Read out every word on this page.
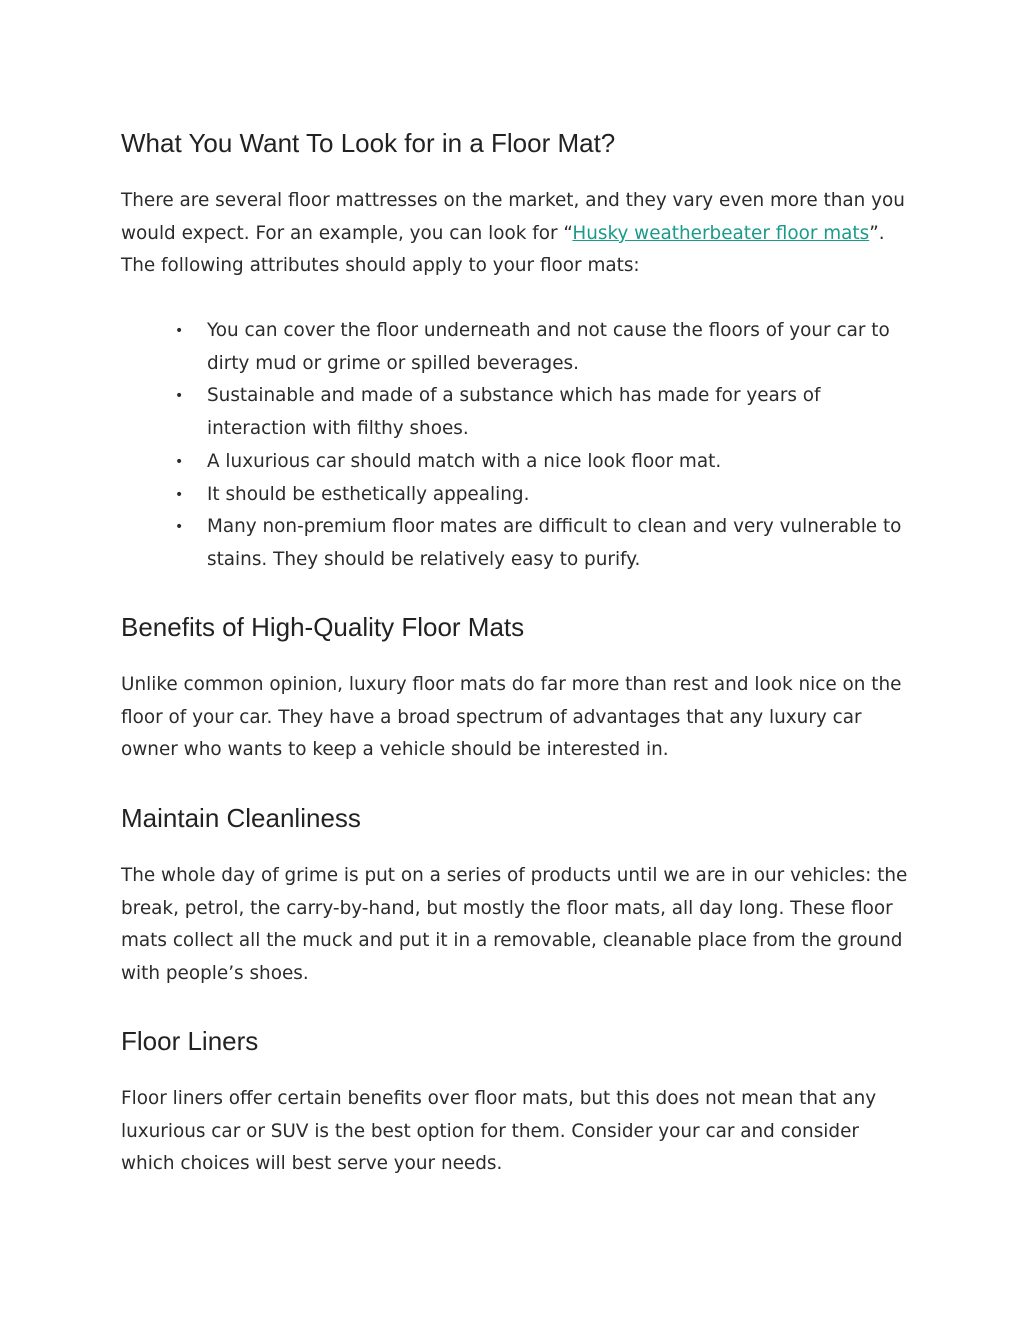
What You Want To Look for in a Floor Mat?

There are several floor mattresses on the market, and they vary even more than you would expect. For an example, you can look for “Husky weatherbeater floor mats”. The following attributes should apply to your floor mats:

• You can cover the floor underneath and not cause the floors of your car to dirty mud or grime or spilled beverages.
• Sustainable and made of a substance which has made for years of interaction with filthy shoes.
• A luxurious car should match with a nice look floor mat.
• It should be esthetically appealing.
• Many non-premium floor mates are difficult to clean and very vulnerable to stains. They should be relatively easy to purify.
Benefits of High-Quality Floor Mats

Unlike common opinion, luxury floor mats do far more than rest and look nice on the floor of your car. They have a broad spectrum of advantages that any luxury car owner who wants to keep a vehicle should be interested in.

Maintain Cleanliness

The whole day of grime is put on a series of products until we are in our vehicles: the break, petrol, the carry-by-hand, but mostly the floor mats, all day long. These floor mats collect all the muck and put it in a removable, cleanable place from the ground with people’s shoes.

Floor Liners

Floor liners offer certain benefits over floor mats, but this does not mean that any luxurious car or SUV is the best option for them. Consider your car and consider which choices will best serve your needs.
